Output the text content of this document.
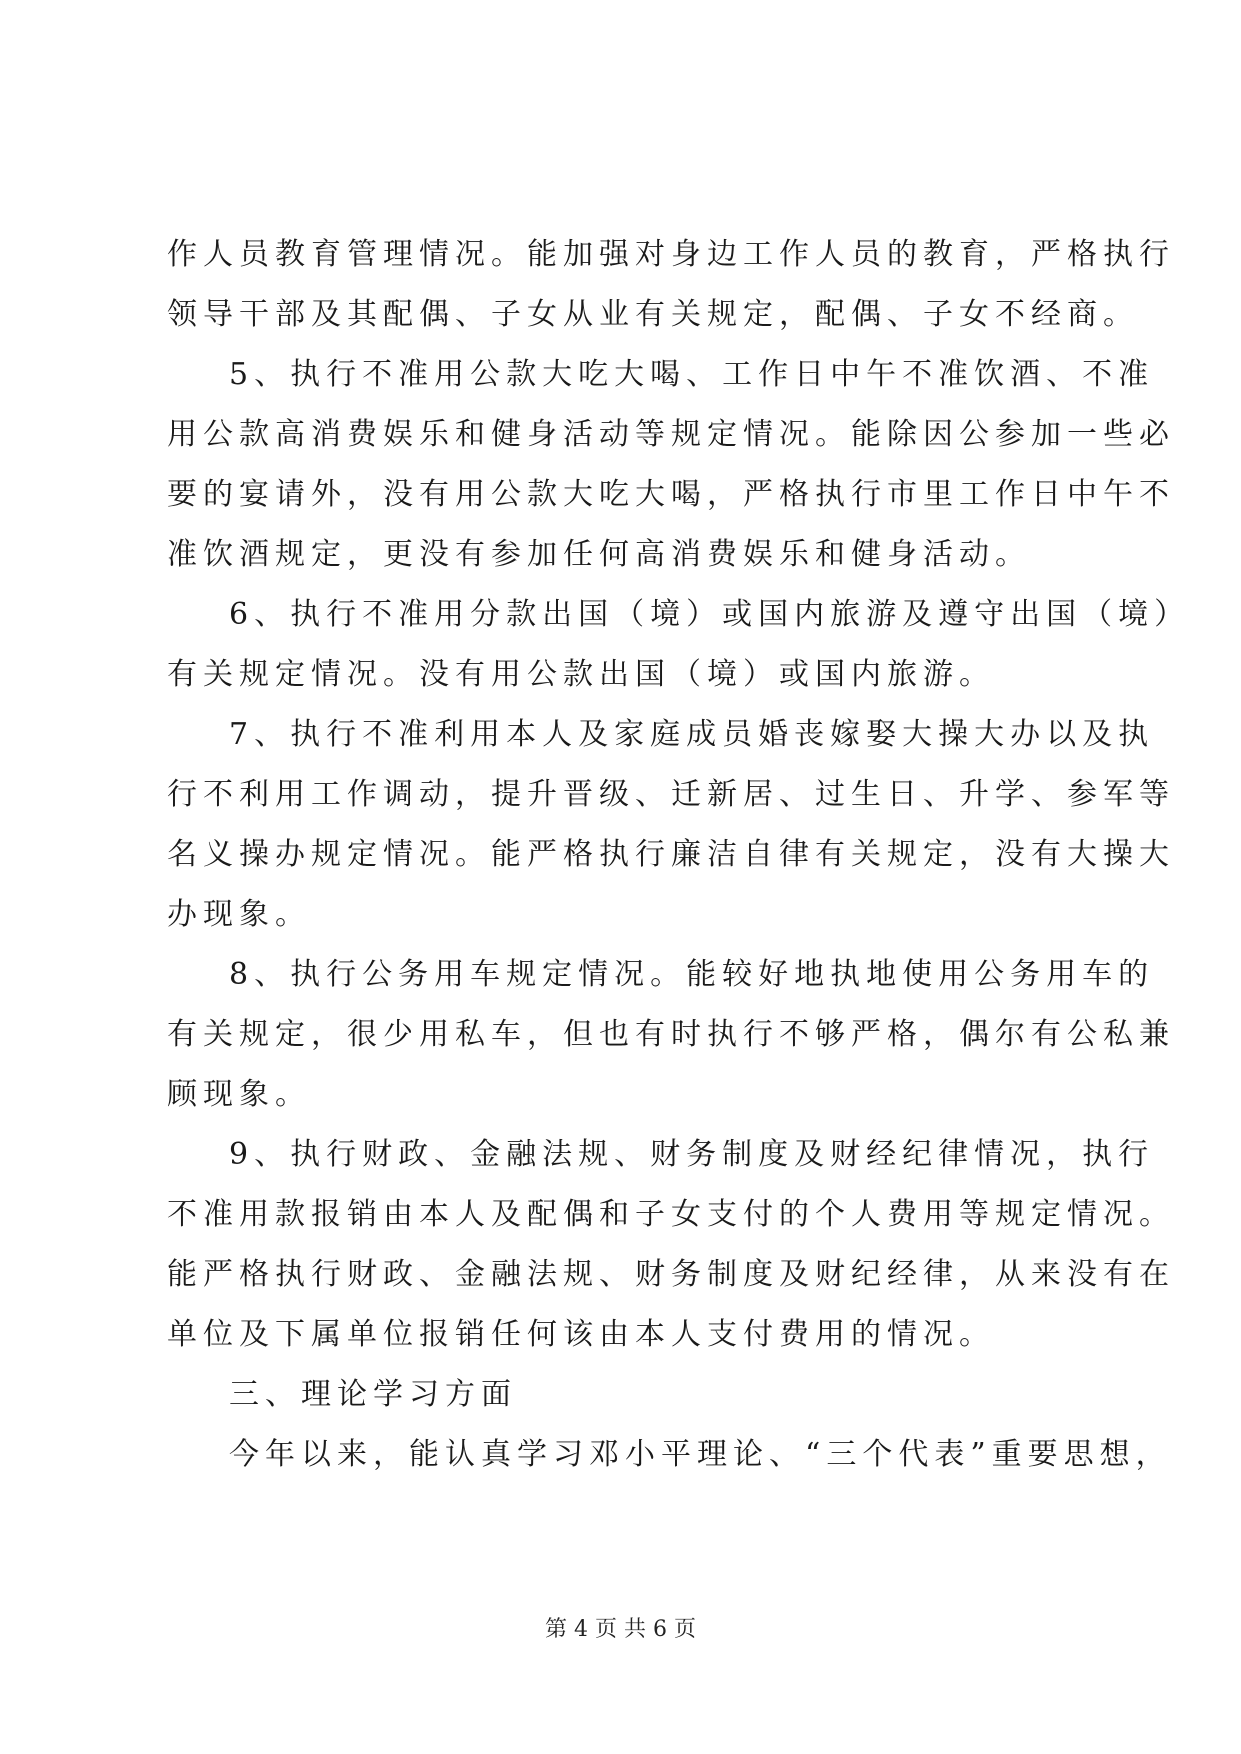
作人员教育管理情况。能加强对身边工作人员的教育，严格执行
领导干部及其配偶、子女从业有关规定，配偶、子女不经商。
5、执行不准用公款大吃大喝、工作日中午不准饮酒、不准
用公款高消费娱乐和健身活动等规定情况。能除因公参加一些必
要的宴请外，没有用公款大吃大喝，严格执行市里工作日中午不
准饮酒规定，更没有参加任何高消费娱乐和健身活动。
6、执行不准用分款出国（境）或国内旅游及遵守出国（境）
有关规定情况。没有用公款出国（境）或国内旅游。
7、执行不准利用本人及家庭成员婚丧嫁娶大操大办以及执
行不利用工作调动，提升晋级、迁新居、过生日、升学、参军等
名义操办规定情况。能严格执行廉洁自律有关规定，没有大操大
办现象。
8、执行公务用车规定情况。能较好地执地使用公务用车的
有关规定，很少用私车，但也有时执行不够严格，偶尔有公私兼
顾现象。
9、执行财政、金融法规、财务制度及财经纪律情况，执行
不准用款报销由本人及配偶和子女支付的个人费用等规定情况。
能严格执行财政、金融法规、财务制度及财纪经律，从来没有在
单位及下属单位报销任何该由本人支付费用的情况。
三、理论学习方面
今年以来，能认真学习邓小平理论、“三个代表”重要思想，
第 4 页 共 6 页
